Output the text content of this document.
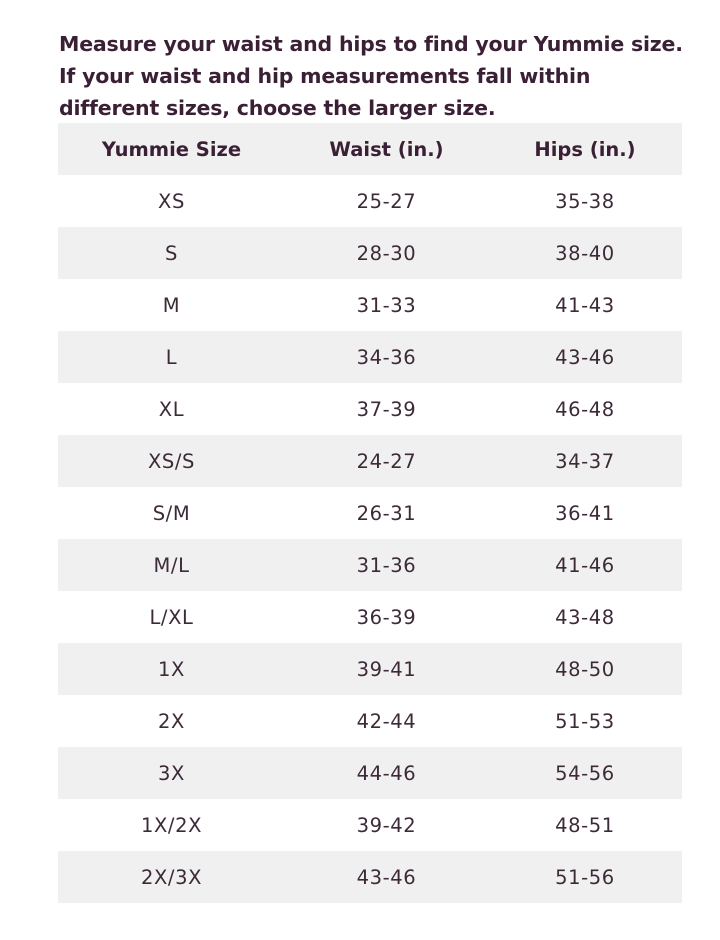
Measure your waist and hips to find your Yummie size. If your waist and hip measurements fall within different sizes, choose the larger size.

Yummie Size	Waist (in.)	Hips (in.)
XS	25-27	35-38
S	28-30	38-40
M	31-33	41-43
L	34-36	43-46
XL	37-39	46-48
XS/S	24-27	34-37
S/M	26-31	36-41
M/L	31-36	41-46
L/XL	36-39	43-48
1X	39-41	48-50
2X	42-44	51-53
3X	44-46	54-56
1X/2X	39-42	48-51
2X/3X	43-46	51-56
